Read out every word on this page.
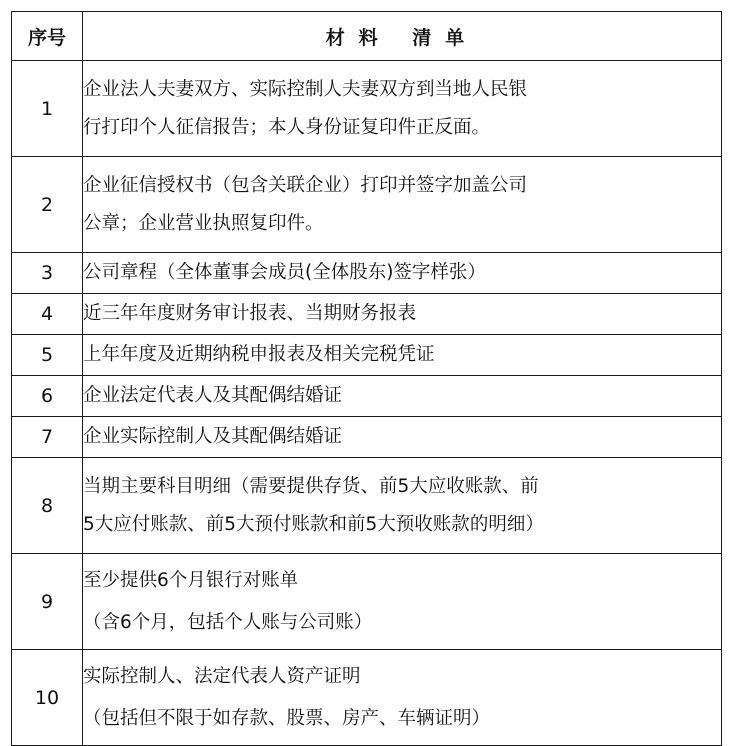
序号	材料 清单
1	企业法人夫妻双方、实际控制人夫妻双方到当地人民银
行打印个人征信报告；本人身份证复印件正反面。

2	企业征信授权书（包含关联企业）打印并签字加盖公司
公章；企业营业执照复印件。

3	公司章程（全体董事会成员(全体股东)签字样张）

4	近三年年度财务审计报表、当期财务报表

5	上年年度及近期纳税申报表及相关完税凭证

6	企业法定代表人及其配偶结婚证

7	企业实际控制人及其配偶结婚证

8	当期主要科目明细（需要提供存货、前5大应收账款、前
5大应付账款、前5大预付账款和前5大预收账款的明细）

9	至少提供6个月银行对账单
（含6个月，包括个人账与公司账）

10	实际控制人、法定代表人资产证明
（包括但不限于如存款、股票、房产、车辆证明）
